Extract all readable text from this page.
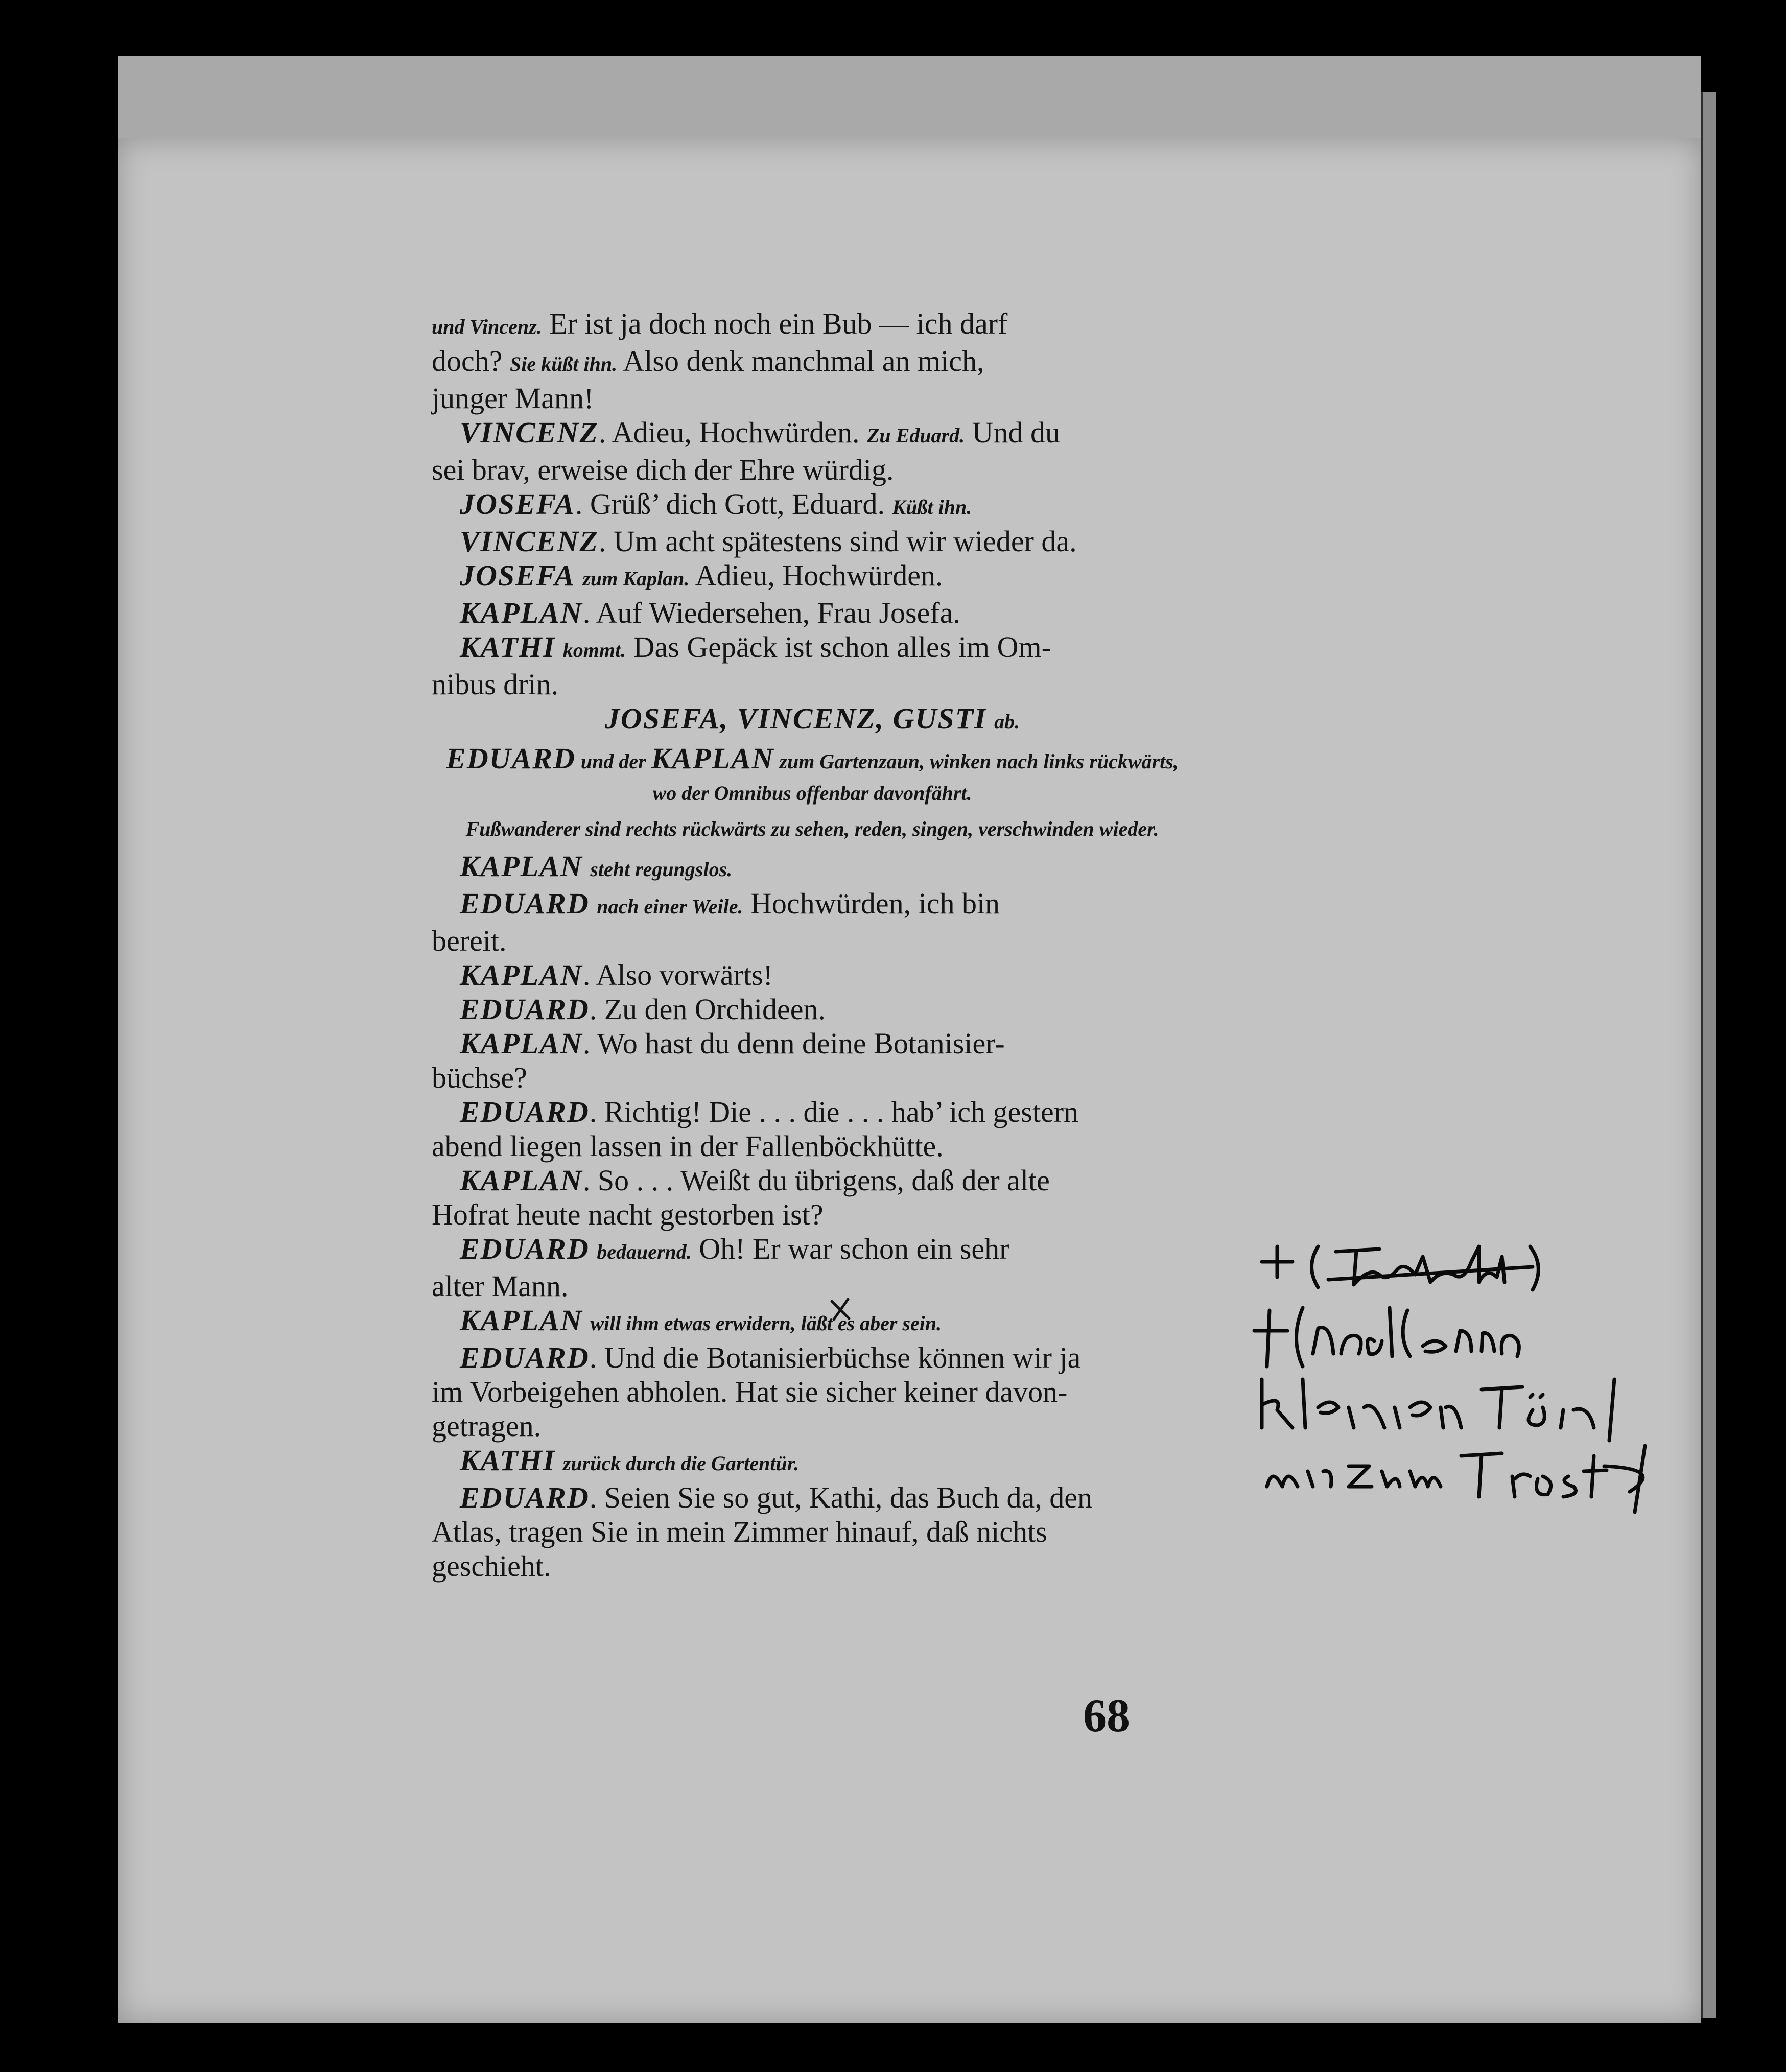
und Vincenz. Er ist ja doch noch ein Bub — ich darf
doch? Sie küßt ihn. Also denk manchmal an mich,
junger Mann!
VINCENZ. Adieu, Hochwürden. Zu Eduard. Und du
sei brav, erweise dich der Ehre würdig.
JOSEFA. Grüß’ dich Gott, Eduard. Küßt ihn.
VINCENZ. Um acht spätestens sind wir wieder da.
JOSEFA zum Kaplan. Adieu, Hochwürden.
KAPLAN. Auf Wiedersehen, Frau Josefa.
KATHI kommt. Das Gepäck ist schon alles im Om-
nibus drin.
JOSEFA, VINCENZ, GUSTI ab.
EDUARD und der KAPLAN zum Gartenzaun, winken nach links rückwärts, wo der Omnibus offenbar davonfährt.
Fußwanderer sind rechts rückwärts zu sehen, reden, singen, verschwinden wieder.
KAPLAN steht regungslos.
EDUARD nach einer Weile. Hochwürden, ich bin
bereit.
KAPLAN. Also vorwärts!
EDUARD. Zu den Orchideen.
KAPLAN. Wo hast du denn deine Botanisier-
büchse?
EDUARD. Richtig! Die . . . die . . . hab’ ich gestern
abend liegen lassen in der Fallenböckhütte.
KAPLAN. So . . . Weißt du übrigens, daß der alte
Hofrat heute nacht gestorben ist?
EDUARD bedauernd. Oh! Er war schon ein sehr
alter Mann.
KAPLAN will ihm etwas erwidern, läßt es aber sein.
EDUARD. Und die Botanisierbüchse können wir ja
im Vorbeigehen abholen. Hat sie sicher keiner davon-
getragen.
KATHI zurück durch die Gartentür.
EDUARD. Seien Sie so gut, Kathi, das Buch da, den
Atlas, tragen Sie in mein Zimmer hinauf, daß nichts
geschieht.
68
